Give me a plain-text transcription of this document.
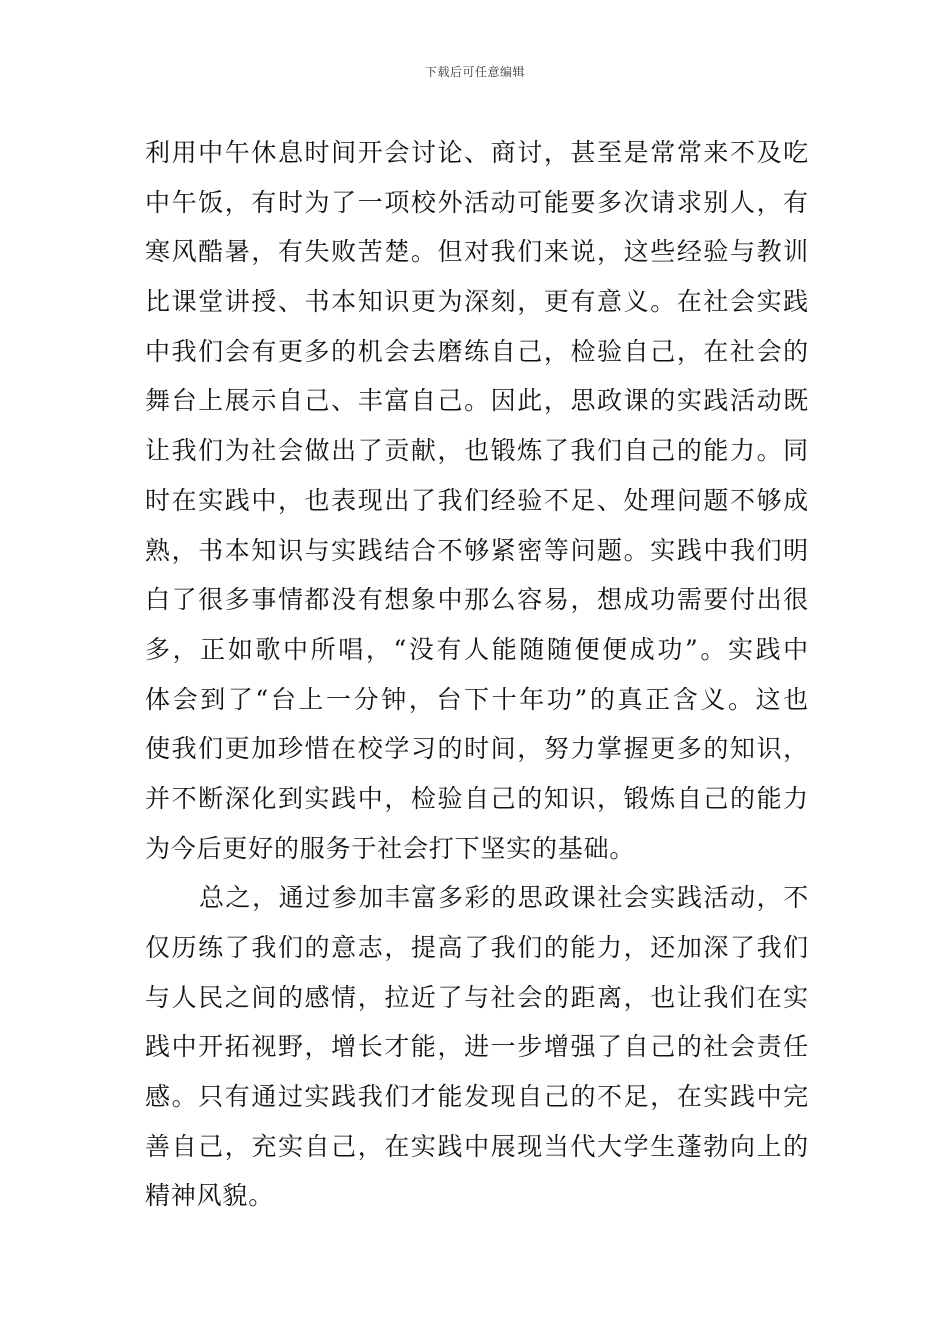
下载后可任意编辑
利用中午休息时间开会讨论、商讨，甚至是常常来不及吃
中午饭，有时为了一项校外活动可能要多次请求别人，有
寒风酷暑，有失败苦楚。但对我们来说，这些经验与教训
比课堂讲授、书本知识更为深刻，更有意义。在社会实践
中我们会有更多的机会去磨练自己，检验自己，在社会的
舞台上展示自己、丰富自己。因此，思政课的实践活动既
让我们为社会做出了贡献，也锻炼了我们自己的能力。同
时在实践中，也表现出了我们经验不足、处理问题不够成
熟，书本知识与实践结合不够紧密等问题。实践中我们明
白了很多事情都没有想象中那么容易，想成功需要付出很
多，正如歌中所唱，“没有人能随随便便成功”。实践中
体会到了“台上一分钟，台下十年功”的真正含义。这也
使我们更加珍惜在校学习的时间，努力掌握更多的知识，
并不断深化到实践中，检验自己的知识，锻炼自己的能力
为今后更好的服务于社会打下坚实的基础。
总之，通过参加丰富多彩的思政课社会实践活动，不
仅历练了我们的意志，提高了我们的能力，还加深了我们
与人民之间的感情，拉近了与社会的距离，也让我们在实
践中开拓视野，增长才能，进一步增强了自己的社会责任
感。只有通过实践我们才能发现自己的不足，在实践中完
善自己，充实自己，在实践中展现当代大学生蓬勃向上的
精神风貌。
